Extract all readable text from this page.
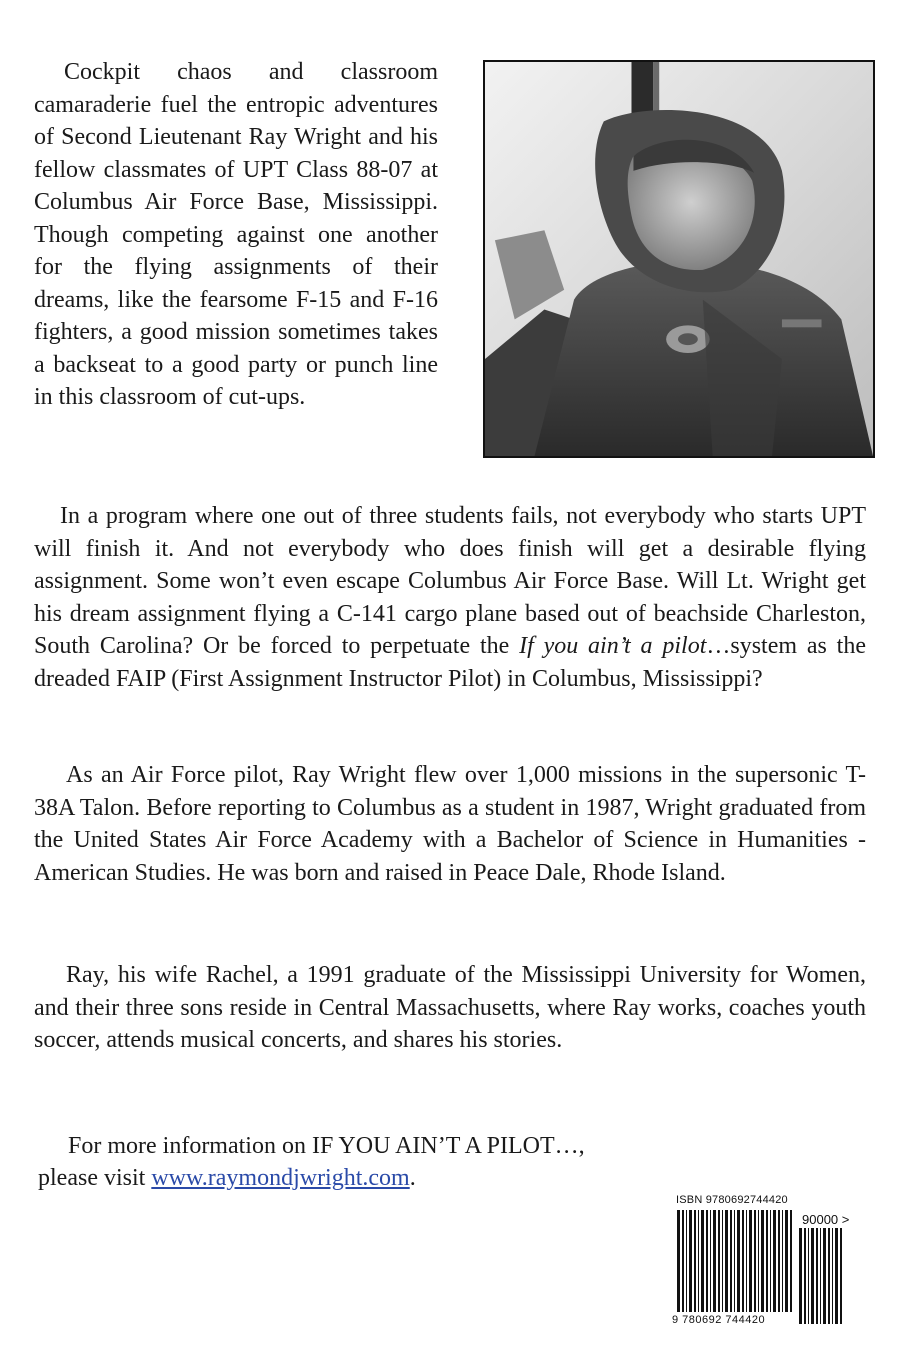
Cockpit chaos and classroom camaraderie fuel the entropic adventures of Second Lieutenant Ray Wright and his fellow classmates of UPT Class 88-07 at Columbus Air Force Base, Mississippi. Though competing against one another for the flying assignments of their dreams, like the fearsome F-15 and F-16 fighters, a good mission sometimes takes a backseat to a good party or punch line in this classroom of cut-ups.

In a program where one out of three students fails, not everybody who starts UPT will finish it. And not everybody who does finish will get a desirable flying assignment. Some won’t even escape Columbus Air Force Base. Will Lt. Wright get his dream assignment flying a C-141 cargo plane based out of beachside Charleston, South Carolina? Or be forced to perpetuate the If you ain’t a pilot…system as the dreaded FAIP (First Assignment Instructor Pilot) in Columbus, Mississippi?

As an Air Force pilot, Ray Wright flew over 1,000 missions in the supersonic T-38A Talon. Before reporting to Columbus as a student in 1987, Wright graduated from the United States Air Force Academy with a Bachelor of Science in Humanities - American Studies. He was born and raised in Peace Dale, Rhode Island.

Ray, his wife Rachel, a 1991 graduate of the Mississippi University for Women, and their three sons reside in Central Massachusetts, where Ray works, coaches youth soccer, attends musical concerts, and shares his stories.

For more information on IF YOU AIN’T A PILOT…,
please visit www.raymondjwright.com.

ISBN 9780692744420
90000 >
9 780692 744420
